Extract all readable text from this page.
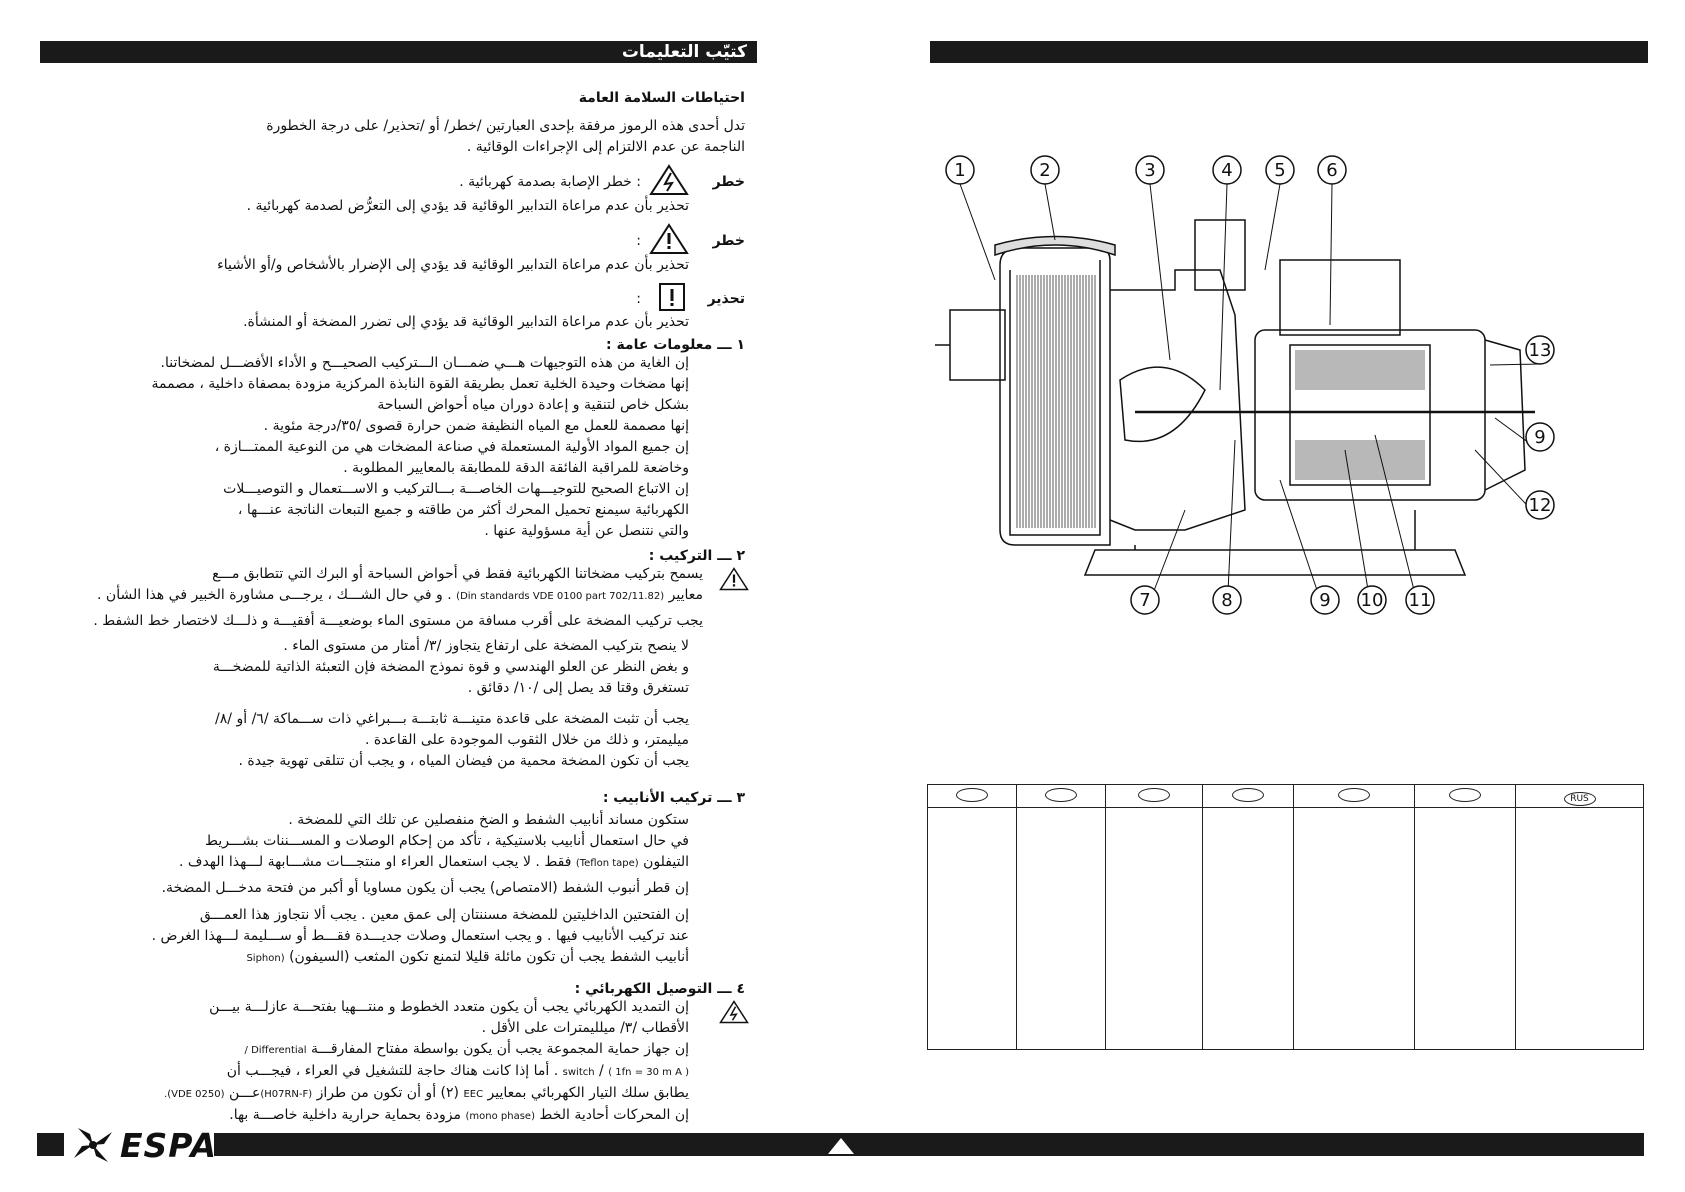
كتيّب التعليمات

احتياطات السلامة العامة

تدل أحدى هذه الرموز مرفقة بإحدى العبارتين /خطر/ أو /تحذير/ على درجة الخطورة
الناجمة عن عدم الالتزام إلى الإجراءات الوقائية .

خطر
: خطر الإصابة بصدمة كهربائية .

تحذير بأن عدم مراعاة التدابير الوقائية قد يؤدي إلى التعرُّض لصدمة كهربائية .

خطر
:

تحذير بأن عدم مراعاة التدابير الوقائية قد يؤدي إلى الإضرار بالأشخاص و/أو الأشياء

تحذير
:

تحذير بأن عدم مراعاة التدابير الوقائية قد يؤدي إلى تضرر المضخة أو المنشأة.

١ ـــ معلومات عامة :

إن الغاية من هذه التوجيهات هـــي ضمـــان الـــتركيب الصحيـــح و الأداء الأفضـــل لمضخاتنا.
إنها مضخات وحيدة الخلية تعمل بطريقة القوة النابذة المركزية مزودة بمصفاة داخلية ، مصممة
بشكل خاص لتنقية و إعادة دوران مياه أحواض السباحة
إنها مصممة للعمل مع المياه النظيفة ضمن حرارة قصوى /٣٥/درجة مئوية .
إن جميع المواد الأولية المستعملة في صناعة المضخات هي من النوعية الممتـــازة ،
وخاضعة للمراقبة الفائقة الدقة للمطابقة بالمعايير المطلوبة .
إن الاتباع الصحيح للتوجيـــهات الخاصـــة بـــالتركيب و الاســـتعمال و التوصيـــلات
الكهربائية سيمنع تحميل المحرك أكثر من طاقته و جميع التبعات الناتجة عنـــها ،
والتي نتنصل عن أية مسؤولية عنها .

٢ ـــ التركيب :

يسمح بتركيب مضخاتنا الكهربائية فقط في أحواض السباحة أو البرك التي تتطابق مـــع
معايير (Din standards VDE 0100 part 702/11.82) . و في حال الشـــك ، يرجـــى مشاورة الخبير في هذا الشأن .

يجب تركيب المضخة على أقرب مسافة من مستوى الماء بوضعيـــة أفقيـــة و ذلـــك لاختصار خط الشفط .

لا ينصح بتركيب المضخة على ارتفاع يتجاوز /٣/ أمتار من مستوى الماء .
و بغض النظر عن العلو الهندسي و قوة نموذج المضخة فإن التعبئة الذاتية للمضخـــة
تستغرق وقتا قد يصل إلى /١٠/ دقائق .

يجب أن تثبت المضخة على قاعدة متينـــة ثابتـــة بـــبراغي ذات ســـماكة /٦/ أو /٨/
ميليمتر، و ذلك من خلال الثقوب الموجودة على القاعدة .
يجب أن تكون المضخة محمية من فيضان المياه ، و يجب أن تتلقى تهوية جيدة .

٣ ـــ تركيب الأنابيب :

ستكون مساند أنابيب الشفط و الضخ منفصلين عن تلك التي للمضخة .
في حال استعمال أنابيب بلاستيكية ، تأكد من إحكام الوصلات و المســـننات بشـــريط
التيفلون (Teflon tape) فقط . لا يجب استعمال العراء او منتجـــات مشـــابهة لـــهذا الهدف .

إن قطر أنبوب الشفط (الامتصاص) يجب أن يكون مساويا أو أكبر من فتحة مدخـــل المضخة.

إن الفتحتين الداخليتين للمضخة مسننتان إلى عمق معين . يجب ألا نتجاوز هذا العمـــق
عند تركيب الأنابيب فيها . و يجب استعمال وصلات جديـــدة فقـــط أو ســـليمة لـــهذا الغرض .
أنابيب الشفط يجب أن تكون مائلة قليلا لتمنع تكون المثعب (السيفون) (Siphon

٤ ـــ التوصيل الكهربائي :

إن التمديد الكهربائي يجب أن يكون متعدد الخطوط و منتـــهيا بفتحـــة عازلـــة بيـــن
الأقطاب /٣/ ميلليمترات على الأقل .
إن جهاز حماية المجموعة يجب أن يكون بواسطة مفتاح المفارقـــة Differential /
switch / ( 1fn = 30 m A ) . أما إذا كانت هناك حاجة للتشغيل في العراء ، فيجـــب أن
يطابق سلك التيار الكهربائي بمعايير EEC (٢) أو أن تكون من طراز (H07RN-F)عـــن (VDE 0250).
إن المحركات أحادية الخط (mono phase) مزودة بحماية حرارية داخلية خاصـــة بها.

1	2	3	4 5 6
7	8	9 10 11
12
13
9
						RUS

ESPA
